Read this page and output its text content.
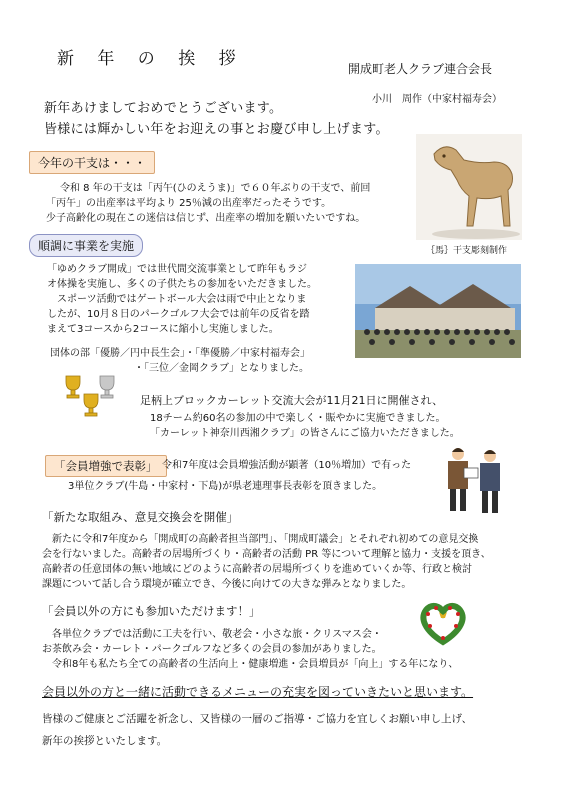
新 年 の 挨 拶	開成町老人クラブ連合会長
小川　周作（中家村福寿会）
新年あけましておめでとうございます。
皆様には輝かしい年をお迎えの事とお慶び申し上げます。
今年の干支は・・・
令和 8 年の干支は「丙午(ひのえうま)」で６０年ぶりの干支で、前回
「丙午」の出産率は平均より 25％減の出産率だったそうです。
少子高齢化の現在この迷信は信じず、出産率の増加を願いたいですね。
｛馬｝干支彫刻制作
順調に事業を実施
「ゆめクラブ開成」では世代間交流事業として昨年もラジ
オ体操を実施し、多くの子供たちの参加をいただきました。
スポーツ活動ではゲートボール大会は雨で中止となりま
したが、10月８日のパークゴルフ大会では前年の反省を踏
まえて3コースから2コースに縮小し実施しました。
団体の部「優勝／円中長生会」・「準優勝／中家村福寿会」
・「三位／金岡クラブ」となりました。
足柄上ブロックカーレット交流大会が11月21日に開催され、
18チーム約60名の参加の中で楽しく・賑やかに実施できました。
「カーレット神奈川西湘クラブ」の皆さんにご協力いただきました。
「会員増強で表彰」 令和7年度は会員増強活動が顕著（10％増加）で有った
3単位クラブ(牛島・中家村・下島)が県老連理事長表彰を頂きました。
「新たな取組み、意見交換会を開催」
新たに令和7年度から「開成町の高齢者担当部門」、「開成町議会」とそれぞれ初めての意見交換
会を行ないました。高齢者の居場所づくり・高齢者の活動 PR 等について理解と協力・支援を頂き、
高齢者の任意団体の無い地域にどのように高齢者の居場所づくりを進めていくか等、行政と検討
課題について話し合う環境が確立でき、今後に向けての大きな弾みとなりました。
「会員以外の方にも参加いただけます！」
各単位クラブでは活動に工夫を行い、敬老会・小さな旅・クリスマス会・
お茶飲み会・カーレト・パークゴルフなど多くの会員の参加がありました。
令和8年も私たち全ての高齢者の生活向上・健康増進・会員増員が「向上」する年になり、
会員以外の方と一緒に活動できるメニューの充実を図っていきたいと思います。
皆様のご健康とご活躍を祈念し、又皆様の一層のご指導・ご協力を宜しくお願い申し上げ、
新年の挨拶といたします。
